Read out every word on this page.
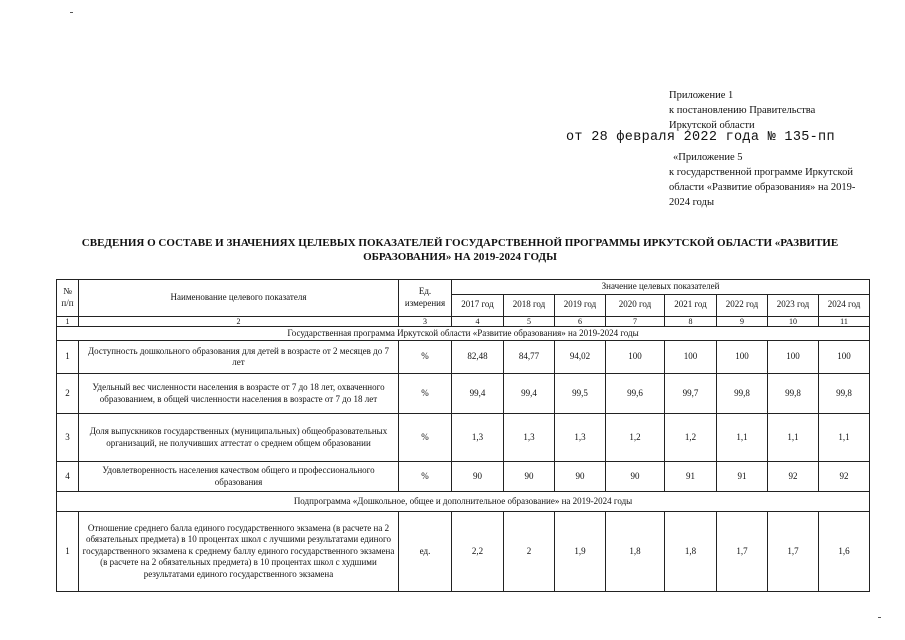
Приложение 1
к постановлению Правительства
Иркутской области
от 28 февраля 2022 года № 135-пп
«Приложение 5
к государственной программе Иркутской
области «Развитие образования» на 2019-
2024 годы
СВЕДЕНИЯ О СОСТАВЕ И ЗНАЧЕНИЯХ ЦЕЛЕВЫХ ПОКАЗАТЕЛЕЙ ГОСУДАРСТВЕННОЙ ПРОГРАММЫ ИРКУТСКОЙ ОБЛАСТИ «РАЗВИТИЕ
ОБРАЗОВАНИЯ» НА 2019-2024 ГОДЫ
№ п/п	Наименование целевого показателя	Ед. измерения	Значение целевых показателей							
			2017 год	2018 год	2019 год	2020 год	2021 год	2022 год	2023 год	2024 год
1	2	3	4	5	6	7	8	9	10	11
Государственная программа Иркутской области «Развитие образования» на 2019-2024 годы										
1	Доступность дошкольного образования для детей в возрасте от 2 месяцев до 7 лет	%	82,48	84,77	94,02	100	100	100	100	100
2	Удельный вес численности населения в возрасте от 7 до 18 лет, охваченного образованием, в общей численности населения в возрасте от 7 до 18 лет	%	99,4	99,4	99,5	99,6	99,7	99,8	99,8	99,8
3	Доля выпускников государственных (муниципальных) общеобразовательных организаций, не получивших аттестат о среднем общем образовании	%	1,3	1,3	1,3	1,2	1,2	1,1	1,1	1,1
4	Удовлетворенность населения качеством общего и профессионального образования	%	90	90	90	90	91	91	92	92
Подпрограмма «Дошкольное, общее и дополнительное образование» на 2019-2024 годы										
1	Отношение среднего балла единого государственного экзамена (в расчете на 2 обязательных предмета) в 10 процентах школ с лучшими результатами единого государственного экзамена к среднему баллу единого государственного экзамена (в расчете на 2 обязательных предмета) в 10 процентах школ с худшими результатами единого государственного экзамена	ед.	2,2	2	1,9	1,8	1,8	1,7	1,7	1,6
